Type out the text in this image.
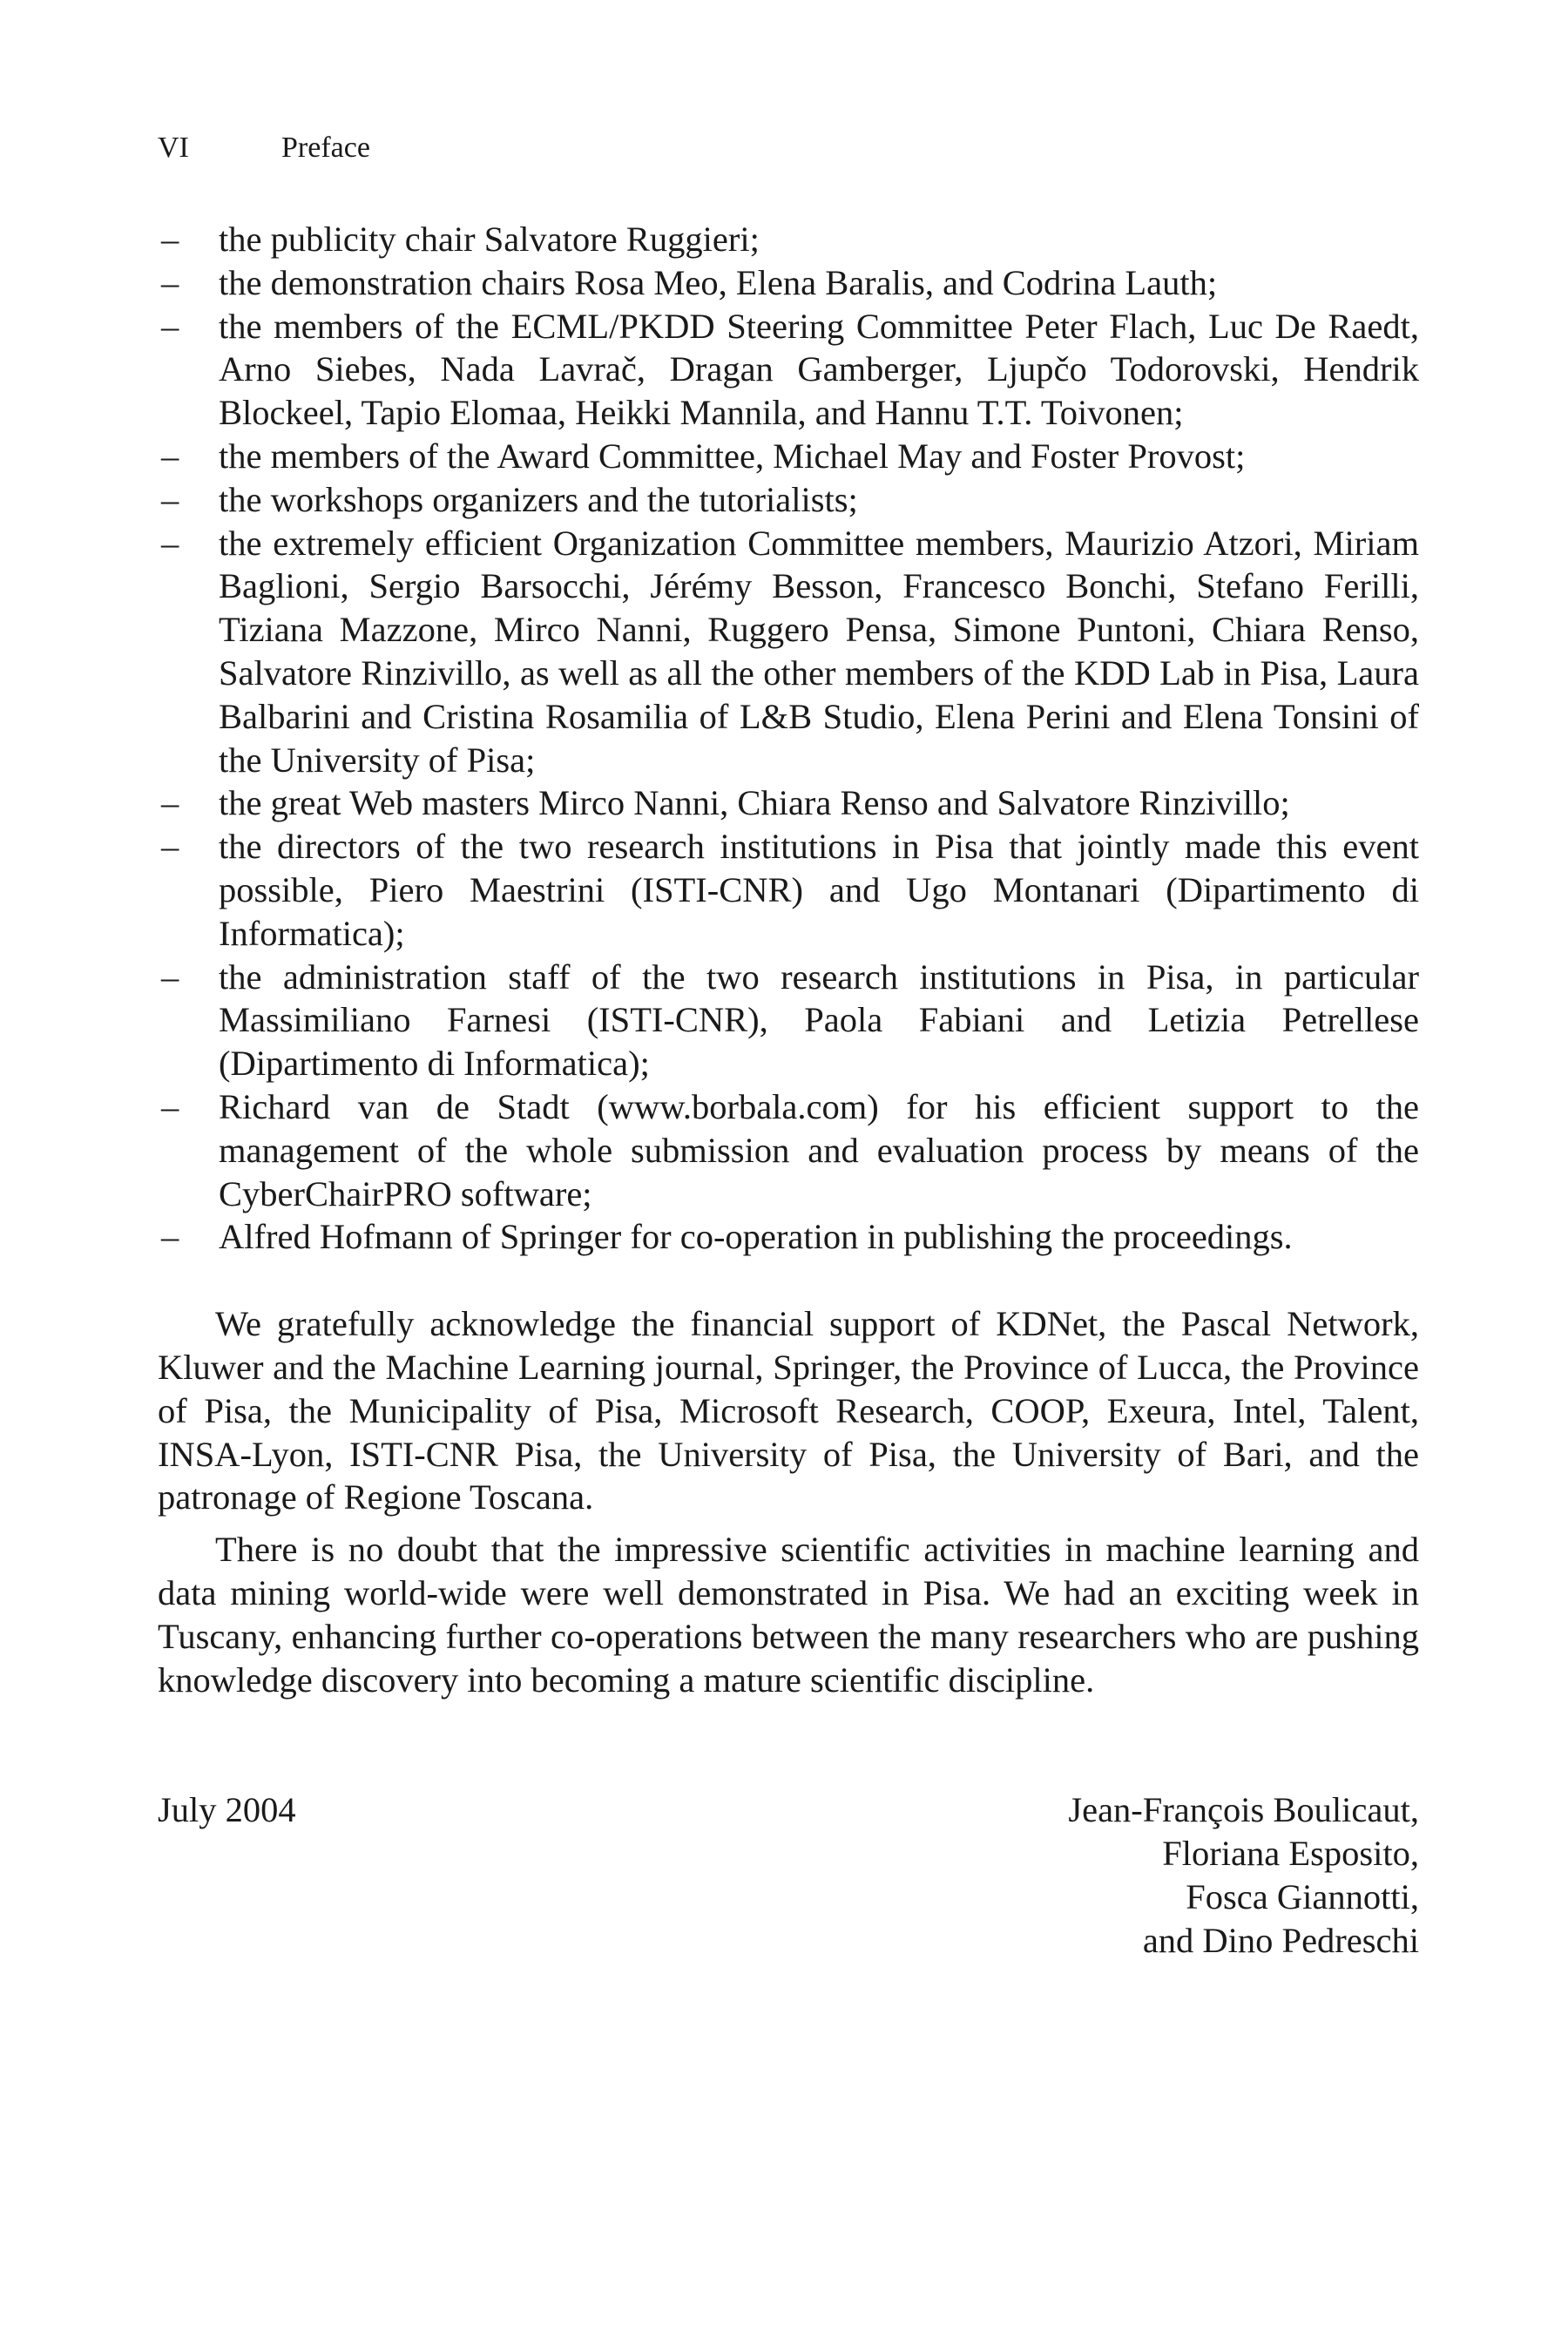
VI	Preface
– the publicity chair Salvatore Ruggieri;
– the demonstration chairs Rosa Meo, Elena Baralis, and Codrina Lauth;
– the members of the ECML/PKDD Steering Committee Peter Flach, Luc De Raedt, Arno Siebes, Nada Lavrač, Dragan Gamberger, Ljupčo Todorovski, Hendrik Blockeel, Tapio Elomaa, Heikki Mannila, and Hannu T.T. Toivonen;
– the members of the Award Committee, Michael May and Foster Provost;
– the workshops organizers and the tutorialists;
– the extremely efficient Organization Committee members, Maurizio Atzori, Miriam Baglioni, Sergio Barsocchi, Jérémy Besson, Francesco Bonchi, Stefano Ferilli, Tiziana Mazzone, Mirco Nanni, Ruggero Pensa, Simone Puntoni, Chiara Renso, Salvatore Rinzivillo, as well as all the other members of the KDD Lab in Pisa, Laura Balbarini and Cristina Rosamilia of L&B Studio, Elena Perini and Elena Tonsini of the University of Pisa;
– the great Web masters Mirco Nanni, Chiara Renso and Salvatore Rinzivillo;
– the directors of the two research institutions in Pisa that jointly made this event possible, Piero Maestrini (ISTI-CNR) and Ugo Montanari (Dipartimento di Informatica);
– the administration staff of the two research institutions in Pisa, in particular Massimiliano Farnesi (ISTI-CNR), Paola Fabiani and Letizia Petrellese (Dipartimento di Informatica);
– Richard van de Stadt (www.borbala.com) for his efficient support to the management of the whole submission and evaluation process by means of the CyberChairPRO software;
– Alfred Hofmann of Springer for co-operation in publishing the proceedings.

We gratefully acknowledge the financial support of KDNet, the Pascal Network, Kluwer and the Machine Learning journal, Springer, the Province of Lucca, the Province of Pisa, the Municipality of Pisa, Microsoft Research, COOP, Exeura, Intel, Talent, INSA-Lyon, ISTI-CNR Pisa, the University of Pisa, the University of Bari, and the patronage of Regione Toscana.

There is no doubt that the impressive scientific activities in machine learning and data mining world-wide were well demonstrated in Pisa. We had an exciting week in Tuscany, enhancing further co-operations between the many researchers who are pushing knowledge discovery into becoming a mature scientific discipline.

July 2004	Jean-François Boulicaut,
Floriana Esposito,
Fosca Giannotti,
and Dino Pedreschi
